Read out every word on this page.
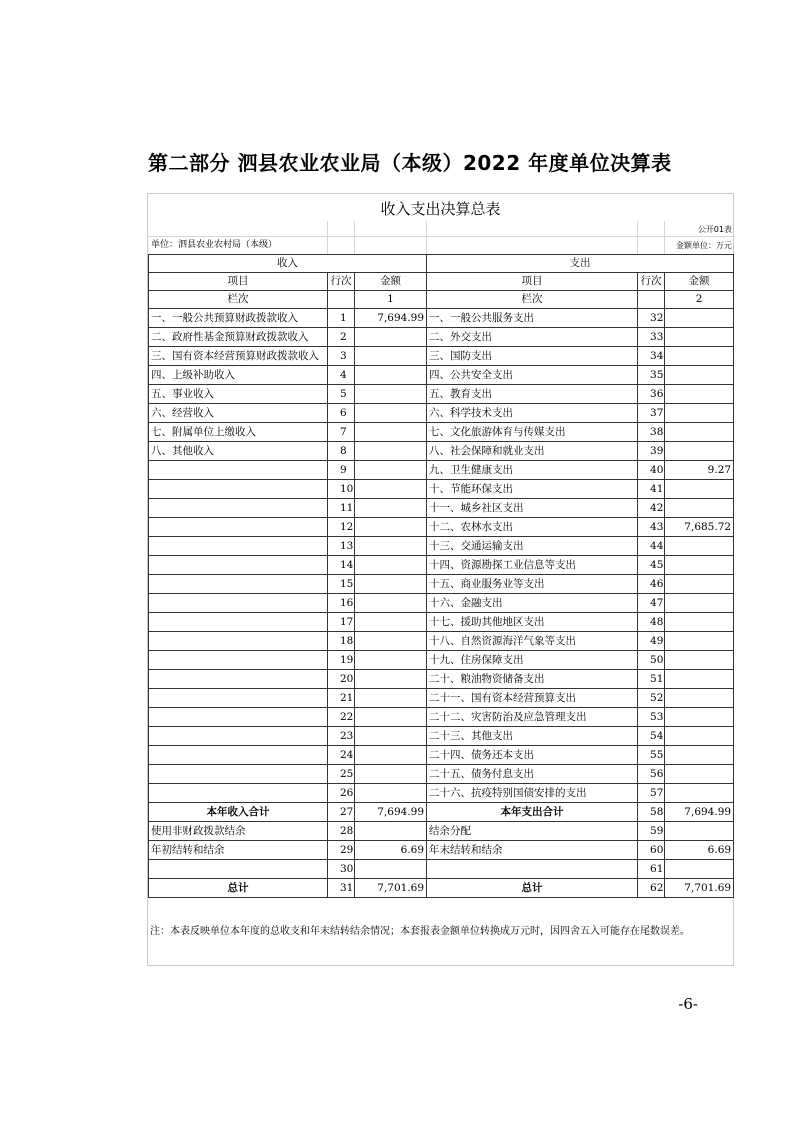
第二部分 泗县农业农业局（本级）2022 年度单位决算表
收入支出决算总表
公开01表
单位：泗县农业农村局（本级）	金额单位：万元
收入			支出		
项目	行次	金额	项目	行次	金额
栏次		1	栏次		2
一、一般公共预算财政拨款收入	1	7,694.99	一、一般公共服务支出	32	
二、政府性基金预算财政拨款收入	2		二、外交支出	33	
三、国有资本经营预算财政拨款收入	3		三、国防支出	34	
四、上级补助收入	4		四、公共安全支出	35	
五、事业收入	5		五、教育支出	36	
六、经营收入	6		六、科学技术支出	37	
七、附属单位上缴收入	7		七、文化旅游体育与传媒支出	38	
八、其他收入	8		八、社会保障和就业支出	39	
	9		九、卫生健康支出	40	9.27
	10		十、节能环保支出	41	
	11		十一、城乡社区支出	42	
	12		十二、农林水支出	43	7,685.72
	13		十三、交通运输支出	44	
	14		十四、资源勘探工业信息等支出	45	
	15		十五、商业服务业等支出	46	
	16		十六、金融支出	47	
	17		十七、援助其他地区支出	48	
	18		十八、自然资源海洋气象等支出	49	
	19		十九、住房保障支出	50	
	20		二十、粮油物资储备支出	51	
	21		二十一、国有资本经营预算支出	52	
	22		二十二、灾害防治及应急管理支出	53	
	23		二十三、其他支出	54	
	24		二十四、债务还本支出	55	
	25		二十五、债务付息支出	56	
	26		二十六、抗疫特别国债安排的支出	57	
本年收入合计	27	7,694.99	本年支出合计	58	7,694.99
使用非财政拨款结余	28		结余分配	59	
年初结转和结余	29	6.69	年末结转和结余	60	6.69
	30			61	
总计	31	7,701.69	总计	62	7,701.69
注：本表反映单位本年度的总收支和年末结转结余情况；本套报表金额单位转换成万元时，因四舍五入可能存在尾数误差。
-6-
